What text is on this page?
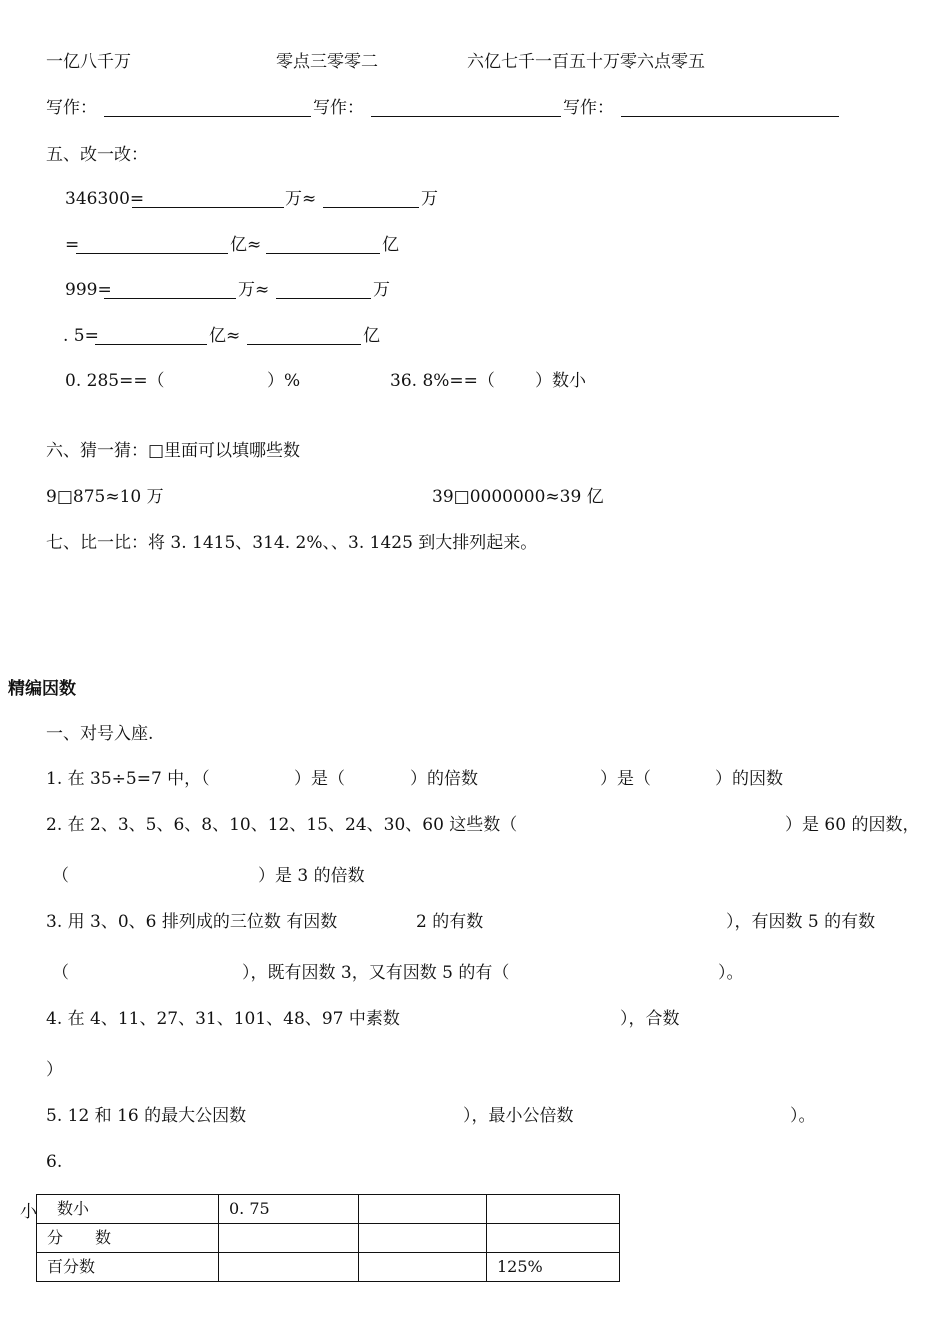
一亿八千万	零点三零零二	六亿七千一百五十万零六点零五
写作：	写作：	写作：
五、改一改：
346300=	万≈	万
=	亿≈	亿
999=	万≈	万
. 5=	亿≈	亿
0. 285==（	）%	36. 8%==（ ）数小
六、猜一猜：□里面可以填哪些数
9□875≈10 万	39□0000000≈39 亿
七、比一比：将 3. 1415、314. 2%、、3. 1425 到大排列起来。
精编因数
一、对号入座.
1. 在 35÷5=7 中，（	）是（	）的倍数	）是（	）的因数
2. 在 2、3、5、6、8、10、12、15、24、30、60 这些数（	）是 60 的因数，
（	）是 3 的倍数
3. 用 3、0、6 排列成的三位数 有因数	2 的有数	），有因数 5 的有数
（	），既有因数 3，又有因数 5 的有（	）。
4. 在 4、11、27、31、101、48、97 中素数	），合数
）
5. 12 和 16 的最大公因数	），最小公倍数	）。
6.
小 数小	0. 75		
分　　数			
百分数			125%
